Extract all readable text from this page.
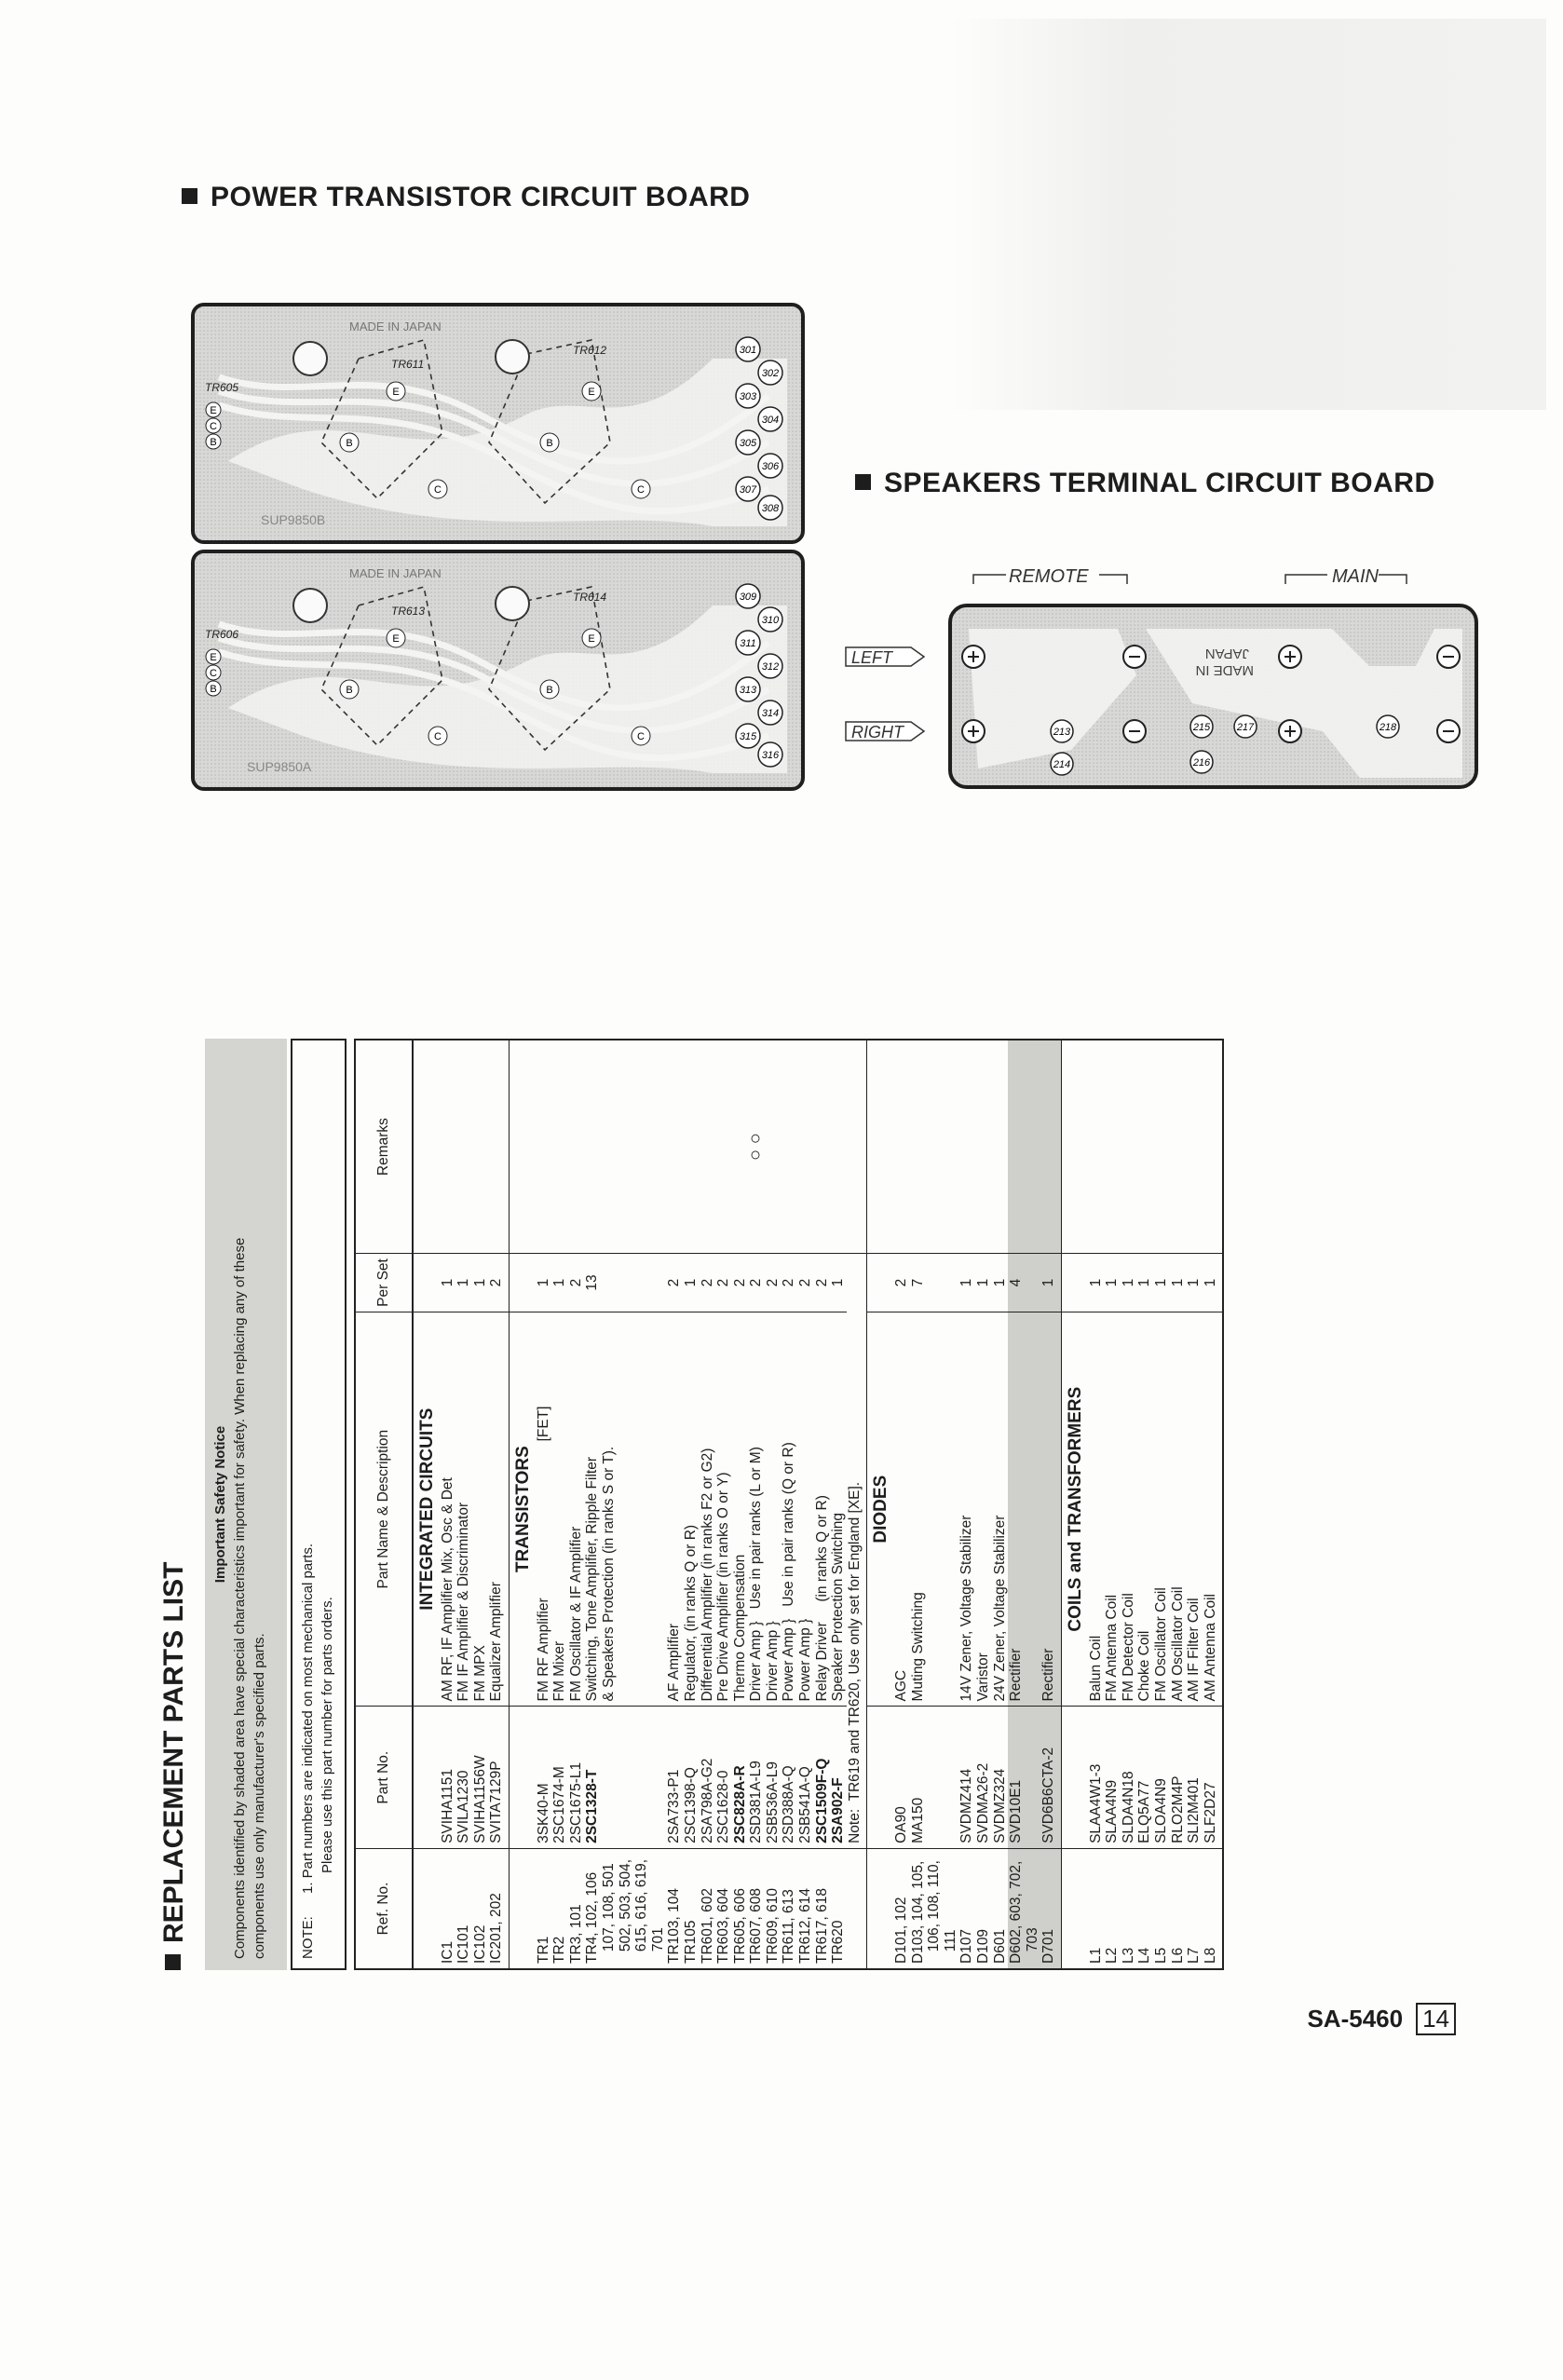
POWER TRANSISTOR CIRCUIT BOARD
MADE IN JAPAN
SUP9850B
TR605
TR611
TR612
E
C
B
E
B
C
E
B
C
301
302
303
304
305
306
307
308
MADE IN JAPAN
SUP9850A
TR606
TR613
TR614
E
C
B
E
B
C
E
B
C
309
310
311
312
313
314
315
316
SPEAKERS TERMINAL CIRCUIT BOARD
REMOTE	MAIN
LEFT
RIGHT
MADE IN
JAPAN
213
214
215
216
217	218
REPLACEMENT PARTS LIST
Important Safety Notice Components identified by shaded area have special characteristics important for safety. When replacing any of these components use only manufacturer's specified parts. NOTE:
1. Part numbers are indicated on most mechanical parts. Please use this part number for parts orders.
Ref. No.	Part No.	Part Name & Description	Per Set	Remarks
		INTEGRATED CIRCUITS		
IC1	SVIHA1151	AM RF, IF Amplifier Mix, Osc & Det	1	
IC101	SVILA1230	FM IF Amplifier & Discriminator	1	
IC102	SVIHA1156W	FM MPX	1	
IC201, 202	SVITA7129P	Equalizer Amplifier	2	
		TRANSISTORS		
TR1	3SK40-M	FM RF Amplifier                                       [FET]	1	
TR2	2SC1674-M	FM Mixer	1	
TR3, 101	2SC1675-L1	FM Oscillator & IF Amplifier	2	
TR4, 102, 106	2SC1328-T	Switching, Tone Amplifier, Ripple Filter	13	
107, 108, 501		& Speakers Protection (in ranks S or T).		
502, 503, 504,				
615, 616, 619,				
701				
TR103, 104	2SA733-P1	AF Amplifier	2	
TR105	2SC1398-Q	Regulator, (in ranks Q or R)	1	
TR601, 602	2SA798A-G2	Differential Amplifier (in ranks F2 or G2)	2	
TR603, 604	2SC1628-0	Pre Drive Amplifier (in ranks O or Y)	2	
TR605, 606	2SC828A-R	Thermo Compensation	2	
TR607, 608	2SD381A-L9	Driver Amp }   Use in pair ranks (L or M)	2	○ ○
TR609, 610	2SB536A-L9	Driver Amp }	2	
TR611, 613	2SD388A-Q	Power Amp }   Use in pair ranks (Q or R)	2	
TR612, 614	2SB541A-Q	Power Amp }	2	
TR617, 618	2SC1509F-Q	Relay Driver     (in ranks Q or R)	2	
TR620	2SA902-F	Speaker Protection Switching	1	
	Note:  TR619 and TR620, Use only set for England [XE].			
		DIODES		
D101, 102	OA90	AGC	2	
D103, 104, 105,	MA150	Muting Switching	7	
106, 108, 110,				
111				
D107	SVDMZ414	14V Zener, Voltage Stabilizer	1	
D109	SVDMA26-2	Varistor	1	
D601	SVDMZ324	24V Zener, Voltage Stabilizer	1	
D602, 603, 702,	SVD10E1	Rectifier	4	
703				
D701	SVD6B6CTA-2	Rectifier	1	
		COILS and TRANSFORMERS		
L1	SLAA4W1-3	Balun Coil	1	
L2	SLAA4N9	FM Antenna Coil	1	
L3	SLDA4N18	FM Detector Coil	1	
L4	ELQ5A77	Choke Coil	1	
L5	SLOA4N9	FM Oscillator Coil	1	
L6	RLO2M4P	AM Oscillator Coil	1	
L7	SLI2M401	AM IF Filter Coil	1	
L8	SLF2D27	AM Antenna Coil	1	
SA-5460 14
